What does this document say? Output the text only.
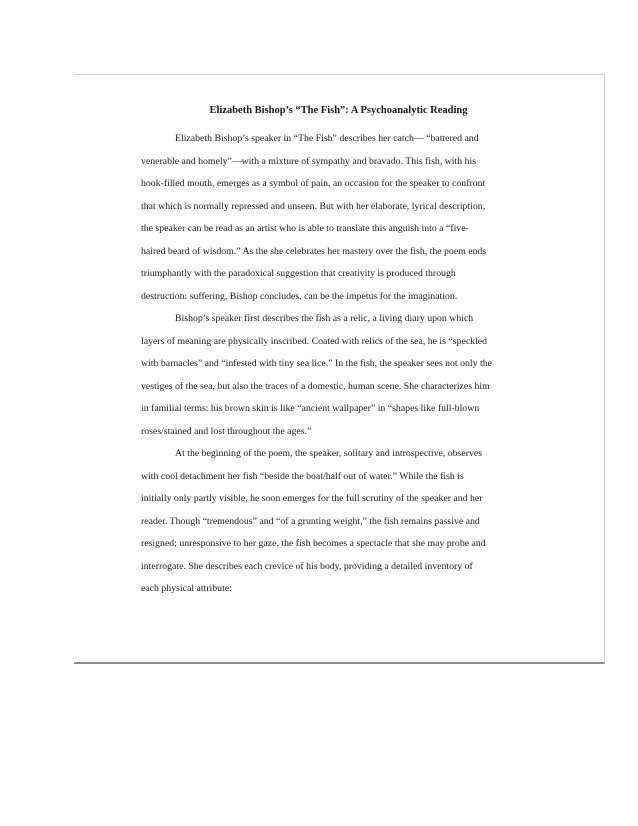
Elizabeth Bishop’s “The Fish”: A Psychoanalytic Reading

Elizabeth Bishop’s speaker in “The Fish” describes her catch— “battered and
venerable and homely”—with a mixture of sympathy and bravado. This fish, with his
hook-filled mouth, emerges as a symbol of pain, an occasion for the speaker to confront
that which is normally repressed and unseen. But with her elaborate, lyrical description,
the speaker can be read as an artist who is able to translate this anguish into a “five-
haired beard of wisdom.” As the she celebrates her mastery over the fish, the poem ends
triumphantly with the paradoxical suggestion that creativity is produced through
destruction: suffering, Bishop concludes, can be the impetus for the imagination.

Bishop’s speaker first describes the fish as a relic, a living diary upon which
layers of meaning are physically inscribed. Coated with relics of the sea, he is “speckled
with barnacles” and “infested with tiny sea lice.” In the fish, the speaker sees not only the
vestiges of the sea, but also the traces of a domestic, human scene. She characterizes him
in familial terms: his brown skin is like “ancient wallpaper” in “shapes like full-blown
roses/stained and lost throughout the ages.”

At the beginning of the poem, the speaker, solitary and introspective, observes
with cool detachment her fish “beside the boat/half out of water.” While the fish is
initially only partly visible, he soon emerges for the full scrutiny of the speaker and her
reader. Though “tremendous” and “of a grunting weight,” the fish remains passive and
resigned; unresponsive to her gaze, the fish becomes a spectacle that she may probe and
interrogate. She describes each crevice of his body, providing a detailed inventory of
each physical attribute:
